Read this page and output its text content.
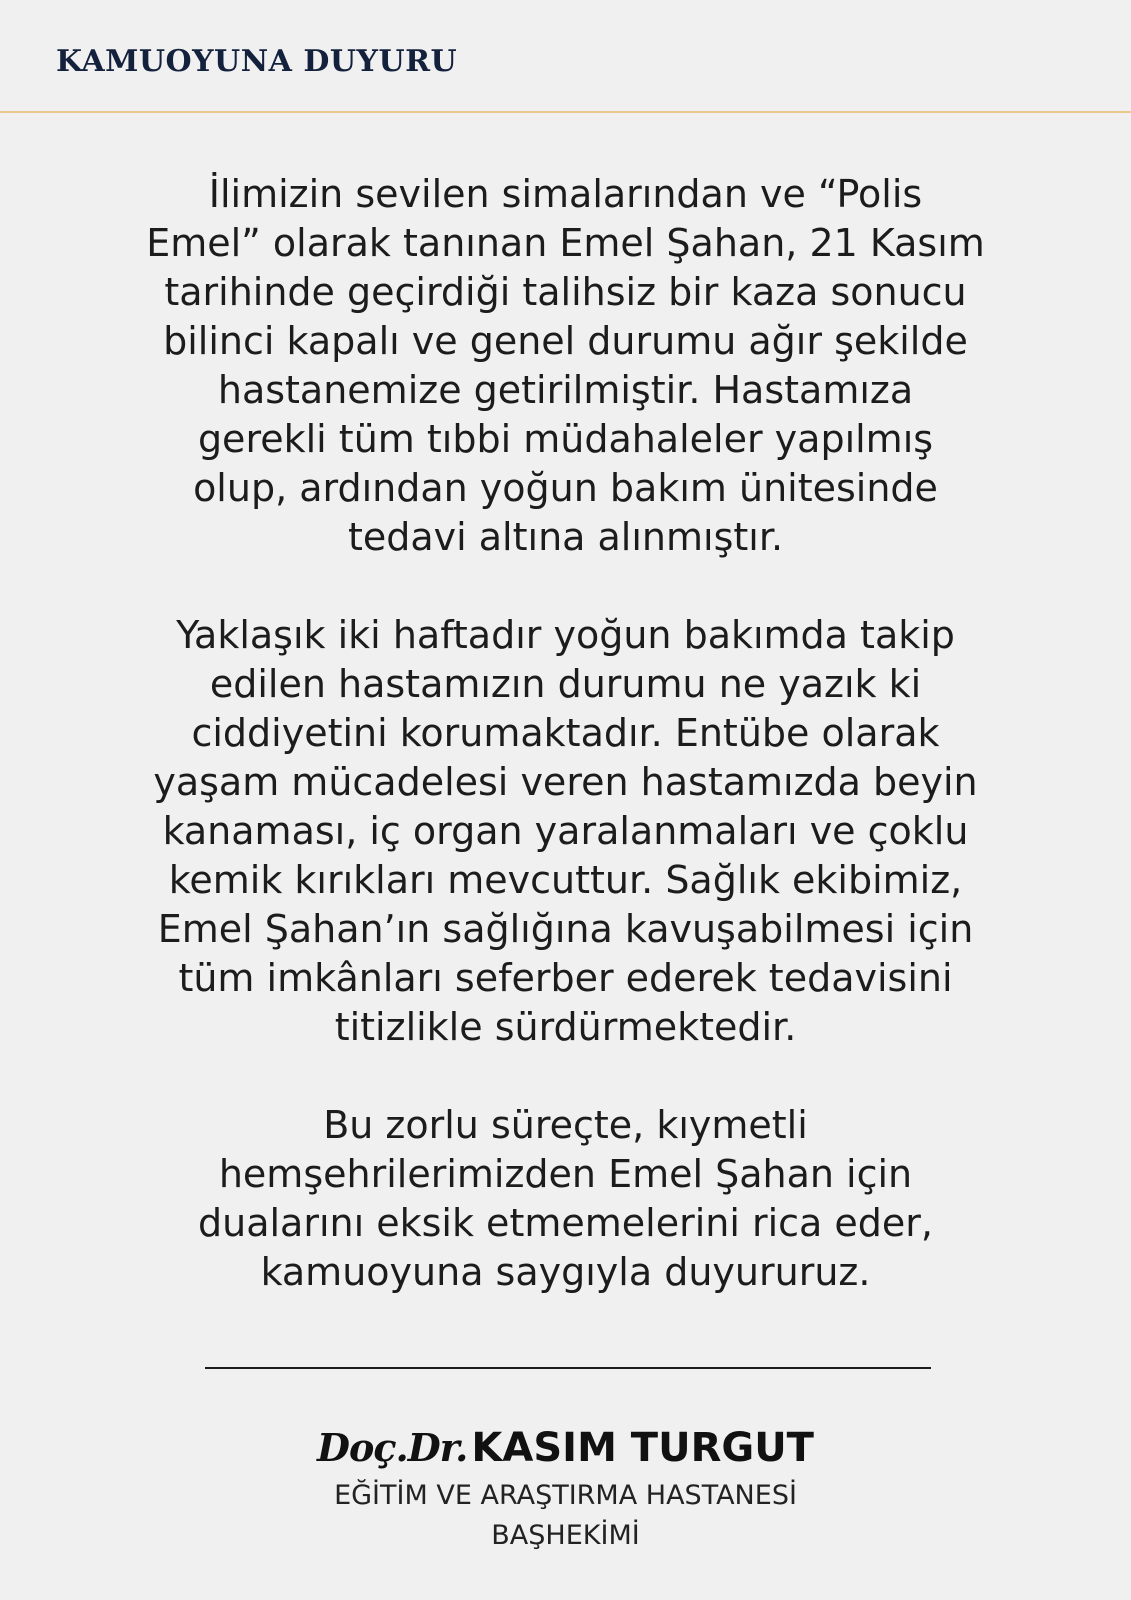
KAMUOYUNA DUYURU
İlimizin sevilen simalarından ve “Polis
Emel” olarak tanınan Emel Şahan, 21 Kasım
tarihinde geçirdiği talihsiz bir kaza sonucu
bilinci kapalı ve genel durumu ağır şekilde
hastanemize getirilmiştir. Hastamıza
gerekli tüm tıbbi müdahaleler yapılmış
olup, ardından yoğun bakım ünitesinde
tedavi altına alınmıştır.
Yaklaşık iki haftadır yoğun bakımda takip
edilen hastamızın durumu ne yazık ki
ciddiyetini korumaktadır. Entübe olarak
yaşam mücadelesi veren hastamızda beyin
kanaması, iç organ yaralanmaları ve çoklu
kemik kırıkları mevcuttur. Sağlık ekibimiz,
Emel Şahan’ın sağlığına kavuşabilmesi için
tüm imkânları seferber ederek tedavisini
titizlikle sürdürmektedir.
Bu zorlu süreçte, kıymetli
hemşehrilerimizden Emel Şahan için
dualarını eksik etmemelerini rica eder,
kamuoyuna saygıyla duyururuz.
Doç.Dr. KASIM TURGUT
EĞİTİM VE ARAŞTIRMA HASTANESİ
BAŞHEKİMİ
